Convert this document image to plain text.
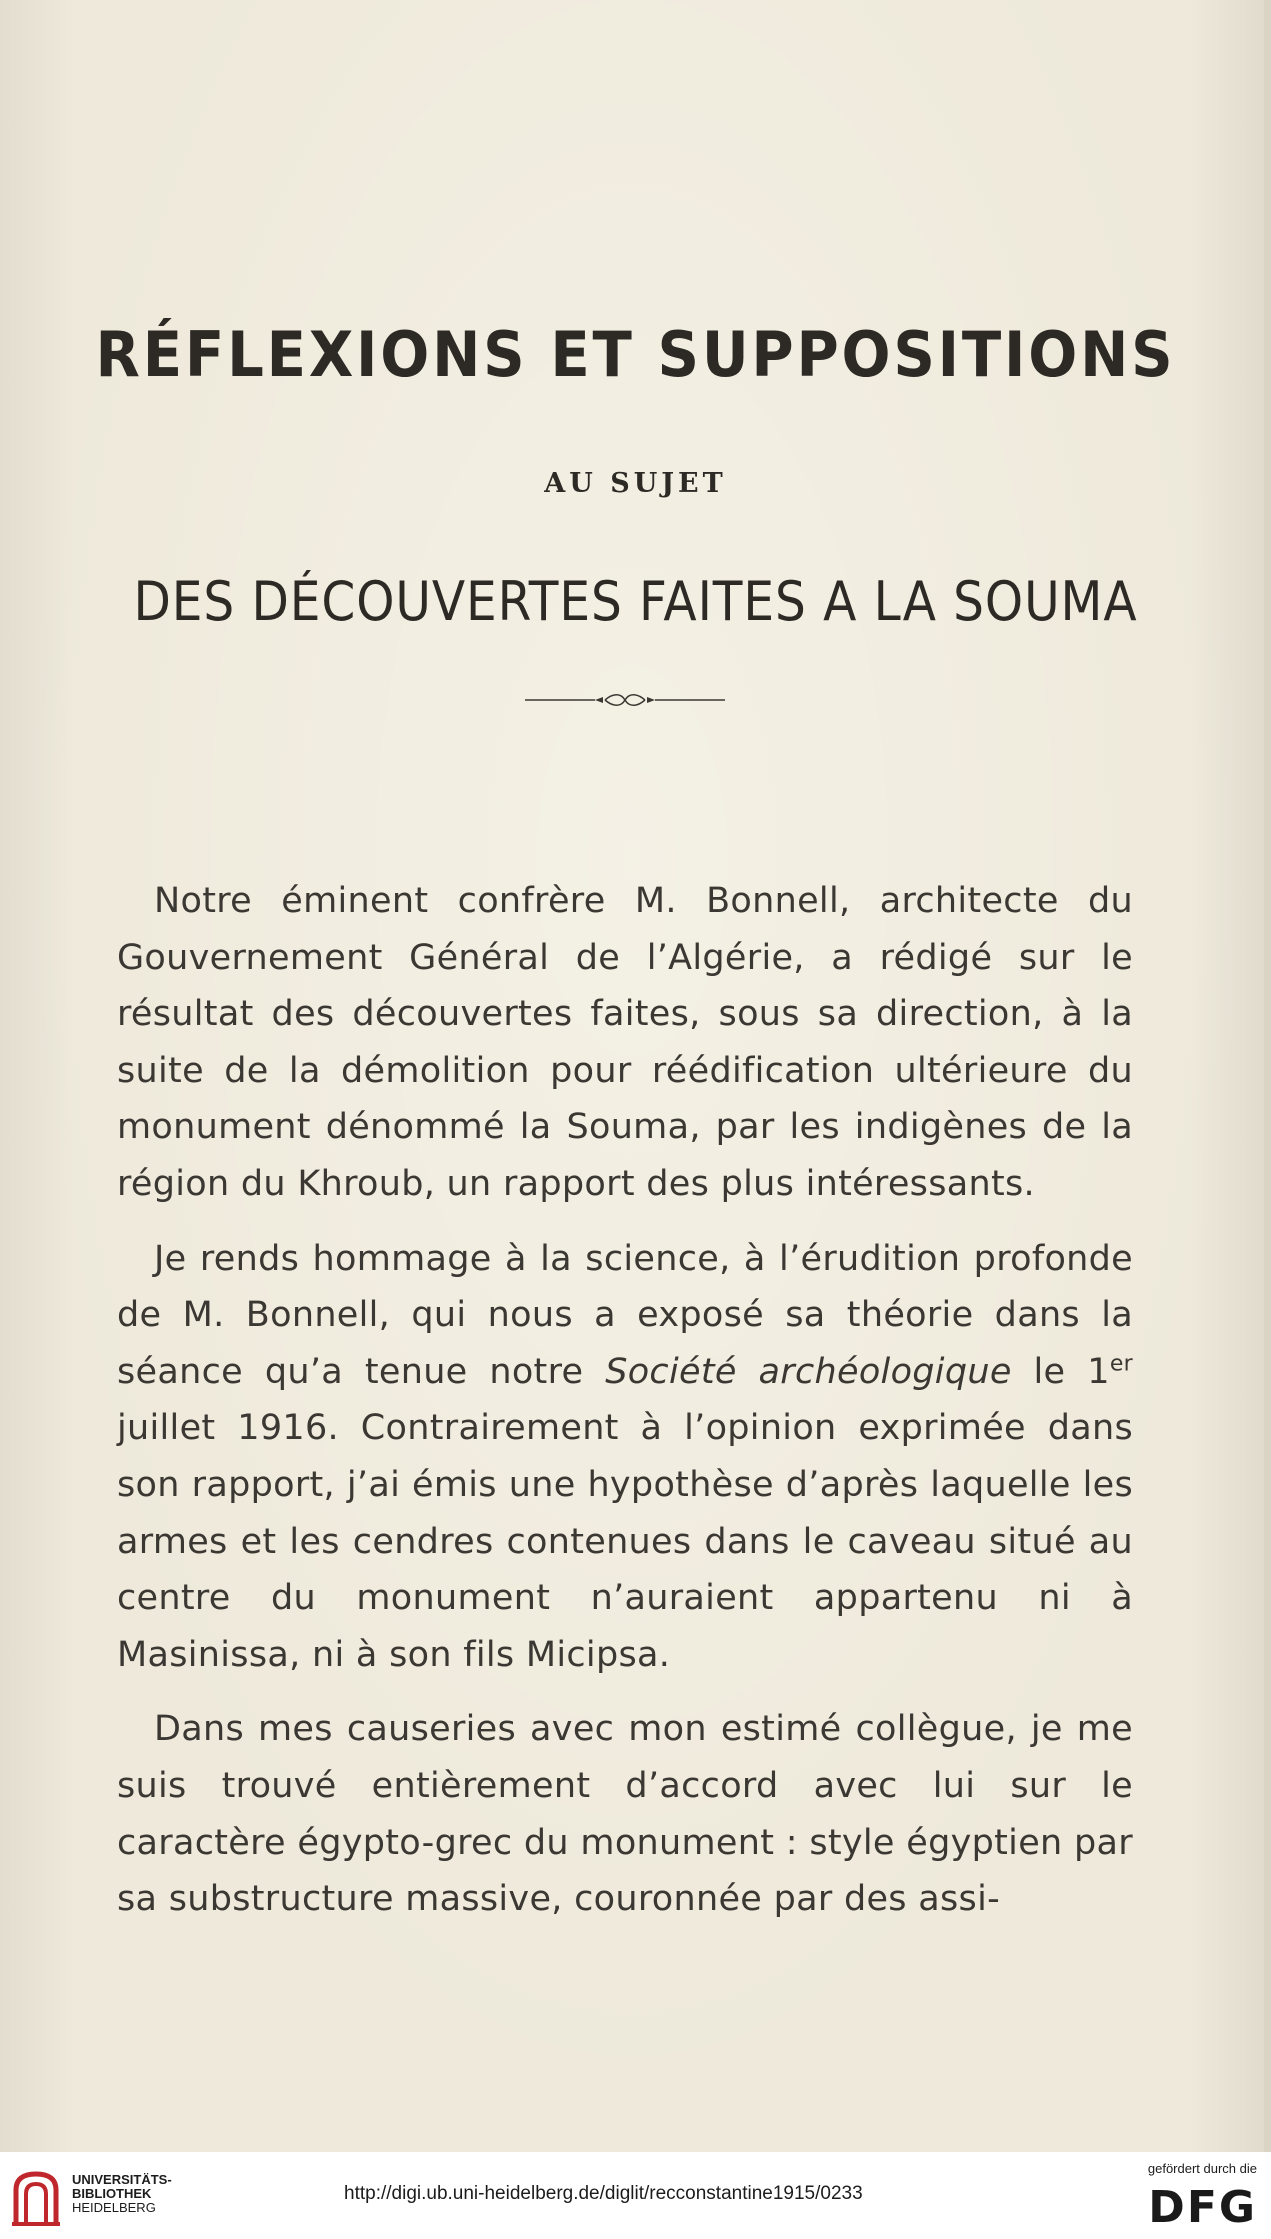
RÉFLEXIONS ET SUPPOSITIONS
AU SUJET
DES DÉCOUVERTES FAITES A LA SOUMA

Notre éminent confrère M. Bonnell, architecte du Gouvernement Général de l’Algérie, a rédigé sur le résultat des découvertes faites, sous sa direction, à la suite de la démolition pour réédification ultérieure du monument dénommé la Souma, par les indigènes de la région du Khroub, un rapport des plus intéressants.

Je rends hommage à la science, à l’érudition profonde de M. Bonnell, qui nous a exposé sa théorie dans la séance qu’a tenue notre Société archéologique le 1er juillet 1916. Contrairement à l’opinion exprimée dans son rapport, j’ai émis une hypothèse d’après laquelle les armes et les cendres contenues dans le caveau situé au centre du monument n’auraient appartenu ni à Masinissa, ni à son fils Micipsa.

Dans mes causeries avec mon estimé collègue, je me suis trouvé entièrement d’accord avec lui sur le caractère égypto-grec du monument : style égyptien par sa substructure massive, couronnée par des assi-

UNIVERSITÄTS-
BIBLIOTHEK
HEIDELBERG
http://digi.ub.uni-heidelberg.de/diglit/recconstantine1915/0233
gefördert durch die
DFG
